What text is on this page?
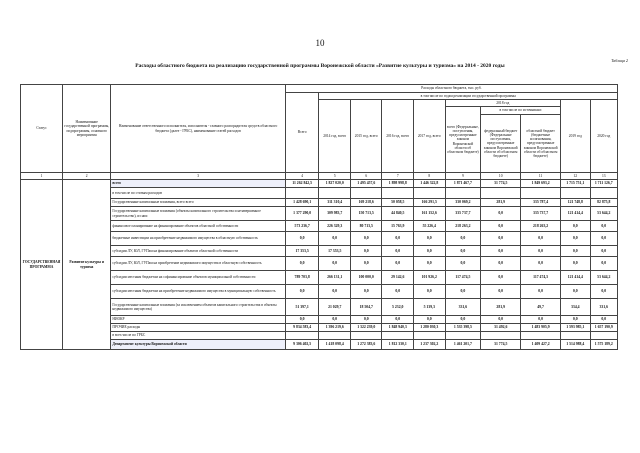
10
Таблица 2
Расходы областного бюджета на реализацию государственной программы Воронежской области «Развитие культуры и туризма» на 2014 - 2020 годы
Статус	Наименование государственной программы, подпрограммы, основного мероприятия	Наименование ответственного исполнителя, исполнителя - главного распорядителя средств областного бюджета (далее - ГРБС), наименование статей расходов	Расходы областного бюджета, тыс. руб.									
			Всего	в том числе по годам реализации государственной программы								
				2014 год, всего	2015 год, всего	2016 год, всего	2017 год, всего	2018 год			2019 год	2020 год
								всего (Федеральные, поступления, предусмотренные законом Воронежской области об областном бюджете)	в том числе по источникам:			
									федеральный бюджет (Федеральные поступления, предусмотренные законом Воронежской области об областном бюджете)	областной бюджет (бюджетные ассигнования, предусмотренные законом Воронежской области об областном бюджете)		
1	2	3	4	5	6	7	8	9	10	11	12	13
ГОСУДАРСТВЕННАЯ ПРОГРАММА	Развитие культуры и туризма	всего	11 262 842,5	1 827 020,0	1 495 457,6	1 898 998,8	1 446 322,8	1 871 467,7	31 774,5	1 849 693,2	1 715 751,1	1 711 126,7
		в том числе по статьям расходов										
		Государственные капитальные вложения, всего всего	1 428 690,1	311 310,4	169 218,6	50 058,5	166 291,5	330 069,2	281,9	335 787,4	121 748,8	82 875,8
		Государственные капитальные вложения (объекты капитального строительства и незавершенное строительство), из них:	1 377 290,0	309 983,7	150 713,5	44 840,5	161 152,6	335 737,7	0,0	335 737,7	121 414,4	53 644,2
		финансовое планирование на финансирование объектов областной собственности	573 236,7	226 329,3	80 713,5	15 763,9	55 226,4	218 263,2	0,0	218 263,2	0,0	0,0
		бюджетные инвестиции на приобретение недвижимого имущества в областную собственность	0,0	0,0	0,0	0,0	0,0	0,0	0,0	0,0	0,0	0,0
		субсидии ЛУ, ЮЛ, ГУПам на финансирование объектов областной собственности	17 353,5	17 353,5	0,0	0,0	0,0	0,0	0,0	0,0	0,0	0,0
		субсидии ЛУ, ЮЛ, ГУПам на приобретение недвижимого имущества в областную собственность	0,0	0,0	0,0	0,0	0,0	0,0	0,0	0,0	0,0	0,0
		субсидии местным бюджетам на софинансирование объектов муниципальной собственности	789 703,8	266 131,1	100 000,0	29 142,6	101 926,2	117 474,5	0,0	117 474,5	121 414,4	53 644,2
		субсидии местным бюджетам на приобретение недвижимого имущества в муниципальную собственность	0,0	0,0	0,0	0,0	0,0	0,0	0,0	0,0	0,0	0,0
		Государственные капитальные вложения (за исключением объектов капитального строительства в объекты недвижимого имущества)	51 397,1	21 029,7	18 504,7	5 232,0	5 139,3	331,6	281,9	49,7	334,4	331,6
		НИОКР	0,0	0,0	0,0	0,0	0,0	0,0	0,0	0,0	0,0	0,0
		ПРОЧИЕ расходы	9 834 583,4	1 396 219,6	1 322 239,0	1 848 940,3	1 280 030,3	1 535 398,5	31 492,6	1 483 905,9	1 593 985,1	1 657 190,9
		в всех числе по ГРБС										
		Департамент культуры Воронежской области	9 306 402,5	1 418 098,4	1 272 383,6	1 812 330,1	1 237 302,2	1 461 201,7	31 774,5	1 409 427,2	1 514 988,4	1 575 189,2
